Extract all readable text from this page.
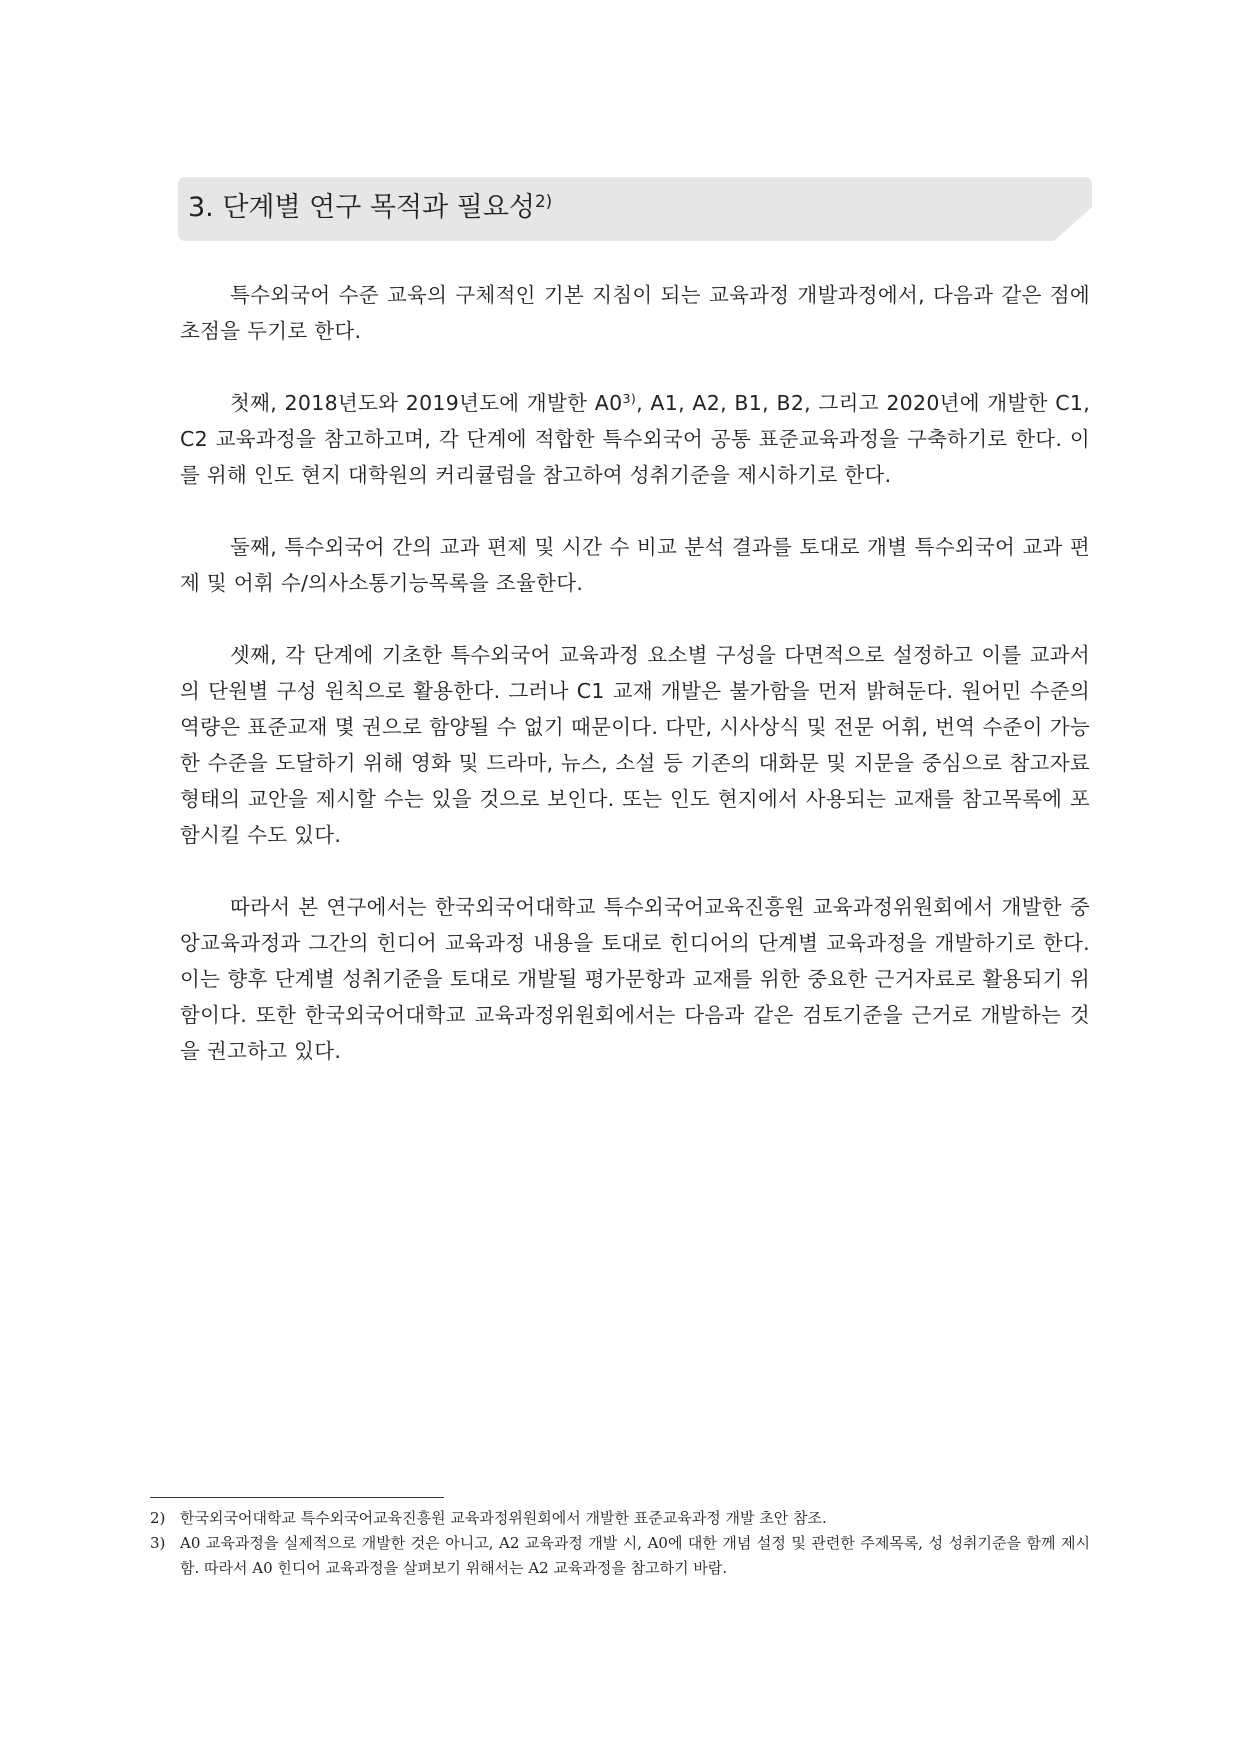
3. 단계별 연구 목적과 필요성$^{2)}$

특수외국어 수준 교육의 구체적인 기본 지침이 되는 교육과정 개발과정에서, 다음과 같은 점에 초점을 두기로 한다.

첫째, 2018년도와 2019년도에 개발한 A0$^{3)}$, A1, A2, B1, B2, 그리고 2020년에 개발한 C1, C2 교육과정을 참고하고며, 각 단계에 적합한 특수외국어 공통 표준교육과정을 구축하기로 한다. 이를 위해 인도 현지 대학원의 커리큘럼을 참고하여 성취기준을 제시하기로 한다.

둘째, 특수외국어 간의 교과 편제 및 시간 수 비교 분석 결과를 토대로 개별 특수외국어 교과 편제 및 어휘 수/의사소통기능목록을 조율한다.

셋째, 각 단계에 기초한 특수외국어 교육과정 요소별 구성을 다면적으로 설정하고 이를 교과서의 단원별 구성 원칙으로 활용한다. 그러나 C1 교재 개발은 불가함을 먼저 밝혀둔다. 원어민 수준의 역량은 표준교재 몇 권으로 함양될 수 없기 때문이다. 다만, 시사상식 및 전문 어휘, 번역 수준이 가능한 수준을 도달하기 위해 영화 및 드라마, 뉴스, 소설 등 기존의 대화문 및 지문을 중심으로 참고자료 형태의 교안을 제시할 수는 있을 것으로 보인다. 또는 인도 현지에서 사용되는 교재를 참고목록에 포함시킬 수도 있다.

따라서 본 연구에서는 한국외국어대학교 특수외국어교육진흥원 교육과정위원회에서 개발한 중앙교육과정과 그간의 힌디어 교육과정 내용을 토대로 힌디어의 단계별 교육과정을 개발하기로 한다. 이는 향후 단계별 성취기준을 토대로 개발될 평가문항과 교재를 위한 중요한 근거자료로 활용되기 위함이다. 또한 한국외국어대학교 교육과정위원회에서는 다음과 같은 검토기준을 근거로 개발하는 것을 권고하고 있다.

2) 한국외국어대학교 특수외국어교육진흥원 교육과정위원회에서 개발한 표준교육과정 개발 초안 참조.
3) A0 교육과정을 실제적으로 개발한 것은 아니고, A2 교육과정 개발 시, A0에 대한 개념 설정 및 관련한 주제목록, 성 성취기준을 함께 제시함. 따라서 A0 힌디어 교육과정을 살펴보기 위해서는 A2 교육과정을 참고하기 바람.
